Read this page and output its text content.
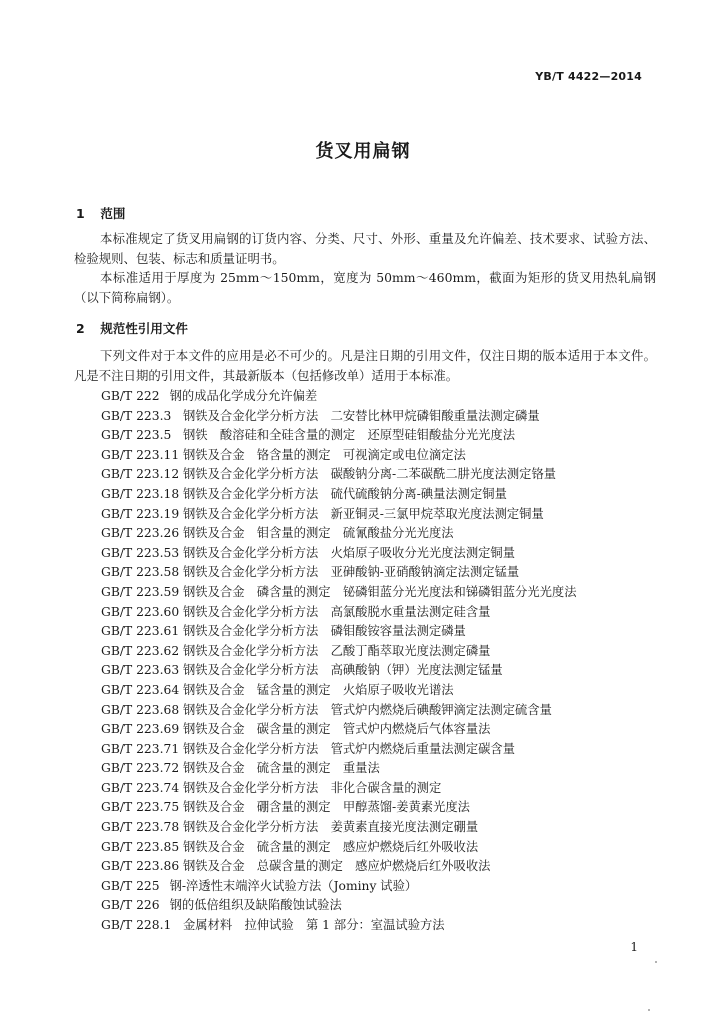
YB/T 4422—2014
货叉用扁钢
1 范围

本标准规定了货叉用扁钢的订货内容、分类、尺寸、外形、重量及允许偏差、技术要求、试验方法、检验规则、包装、标志和质量证明书。

本标准适用于厚度为 25mm～150mm，宽度为 50mm～460mm，截面为矩形的货叉用热轧扁钢（以下简称扁钢）。

2 规范性引用文件

下列文件对于本文件的应用是必不可少的。凡是注日期的引用文件，仅注日期的版本适用于本文件。凡是不注日期的引用文件，其最新版本（包括修改单）适用于本标准。

GB/T 222 钢的成品化学成分允许偏差
GB/T 223.3 钢铁及合金化学分析方法　二安替比林甲烷磷钼酸重量法测定磷量
GB/T 223.5 钢铁　酸溶硅和全硅含量的测定　还原型硅钼酸盐分光光度法
GB/T 223.11 钢铁及合金　铬含量的测定　可视滴定或电位滴定法
GB/T 223.12 钢铁及合金化学分析方法　碳酸钠分离-二苯碳酰二肼光度法测定铬量
GB/T 223.18 钢铁及合金化学分析方法　硫代硫酸钠分离-碘量法测定铜量
GB/T 223.19 钢铁及合金化学分析方法　新亚铜灵-三氯甲烷萃取光度法测定铜量
GB/T 223.26 钢铁及合金　钼含量的测定　硫氰酸盐分光光度法
GB/T 223.53 钢铁及合金化学分析方法　火焰原子吸收分光光度法测定铜量
GB/T 223.58 钢铁及合金化学分析方法　亚砷酸钠-亚硝酸钠滴定法测定锰量
GB/T 223.59 钢铁及合金　磷含量的测定　铋磷钼蓝分光光度法和锑磷钼蓝分光光度法
GB/T 223.60 钢铁及合金化学分析方法　高氯酸脱水重量法测定硅含量
GB/T 223.61 钢铁及合金化学分析方法　磷钼酸铵容量法测定磷量
GB/T 223.62 钢铁及合金化学分析方法　乙酸丁酯萃取光度法测定磷量
GB/T 223.63 钢铁及合金化学分析方法　高碘酸钠（钾）光度法测定锰量
GB/T 223.64 钢铁及合金　锰含量的测定　火焰原子吸收光谱法
GB/T 223.68 钢铁及合金化学分析方法　管式炉内燃烧后碘酸钾滴定法测定硫含量
GB/T 223.69 钢铁及合金　碳含量的测定　管式炉内燃烧后气体容量法
GB/T 223.71 钢铁及合金化学分析方法　管式炉内燃烧后重量法测定碳含量
GB/T 223.72 钢铁及合金　硫含量的测定　重量法
GB/T 223.74 钢铁及合金化学分析方法　非化合碳含量的测定
GB/T 223.75 钢铁及合金　硼含量的测定　甲醇蒸馏-姜黄素光度法
GB/T 223.78 钢铁及合金化学分析方法　姜黄素直接光度法测定硼量
GB/T 223.85 钢铁及合金　硫含量的测定　感应炉燃烧后红外吸收法
GB/T 223.86 钢铁及合金　总碳含量的测定　感应炉燃烧后红外吸收法
GB/T 225 钢-淬透性末端淬火试验方法（Jominy 试验）
GB/T 226 钢的低倍组织及缺陷酸蚀试验法
GB/T 228.1 金属材料　拉伸试验　第 1 部分：室温试验方法
1
